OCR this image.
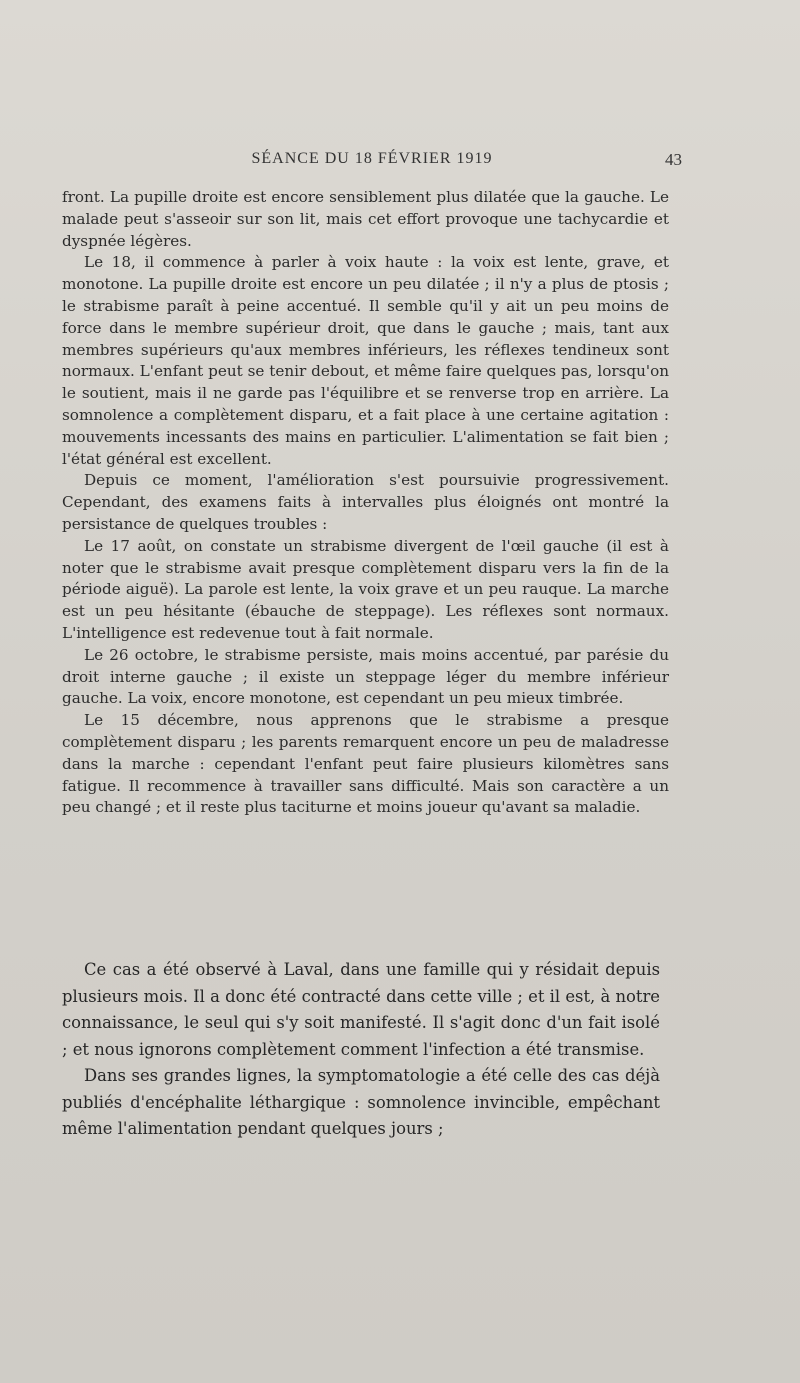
SÉANCE DU 18 FÉVRIER 1919	43

front. La pupille droite est encore sensiblement plus dilatée que la gauche. Le malade peut s'asseoir sur son lit, mais cet effort provoque une tachycardie et dyspnée légères.

Le 18, il commence à parler à voix haute : la voix est lente, grave, et monotone. La pupille droite est encore un peu dilatée ; il n'y a plus de ptosis ; le strabisme paraît à peine accentué. Il semble qu'il y ait un peu moins de force dans le membre supérieur droit, que dans le gauche ; mais, tant aux membres supérieurs qu'aux membres inférieurs, les réflexes tendineux sont normaux. L'enfant peut se tenir debout, et même faire quelques pas, lorsqu'on le soutient, mais il ne garde pas l'équilibre et se renverse trop en arrière. La somnolence a complètement disparu, et a fait place à une certaine agitation : mouvements incessants des mains en particulier. L'alimentation se fait bien ; l'état général est excellent.

Depuis ce moment, l'amélioration s'est poursuivie progressivement. Cependant, des examens faits à intervalles plus éloignés ont montré la persistance de quelques troubles :

Le 17 août, on constate un strabisme divergent de l'œil gauche (il est à noter que le strabisme avait presque complètement disparu vers la fin de la période aiguë). La parole est lente, la voix grave et un peu rauque. La marche est un peu hésitante (ébauche de steppage). Les réflexes sont normaux. L'intelligence est redevenue tout à fait normale.

Le 26 octobre, le strabisme persiste, mais moins accentué, par parésie du droit interne gauche ; il existe un steppage léger du membre inférieur gauche. La voix, encore monotone, est cependant un peu mieux timbrée.

Le 15 décembre, nous apprenons que le strabisme a presque complètement disparu ; les parents remarquent encore un peu de maladresse dans la marche : cependant l'enfant peut faire plusieurs kilomètres sans fatigue. Il recommence à travailler sans difficulté. Mais son caractère a un peu changé ; et il reste plus taciturne et moins joueur qu'avant sa maladie.

Ce cas a été observé à Laval, dans une famille qui y résidait depuis plusieurs mois. Il a donc été contracté dans cette ville ; et il est, à notre connaissance, le seul qui s'y soit manifesté. Il s'agit donc d'un fait isolé ; et nous ignorons complètement comment l'infection a été transmise.

Dans ses grandes lignes, la symptomatologie a été celle des cas déjà publiés d'encéphalite léthargique : somnolence invincible, empêchant même l'alimentation pendant quelques jours ;
